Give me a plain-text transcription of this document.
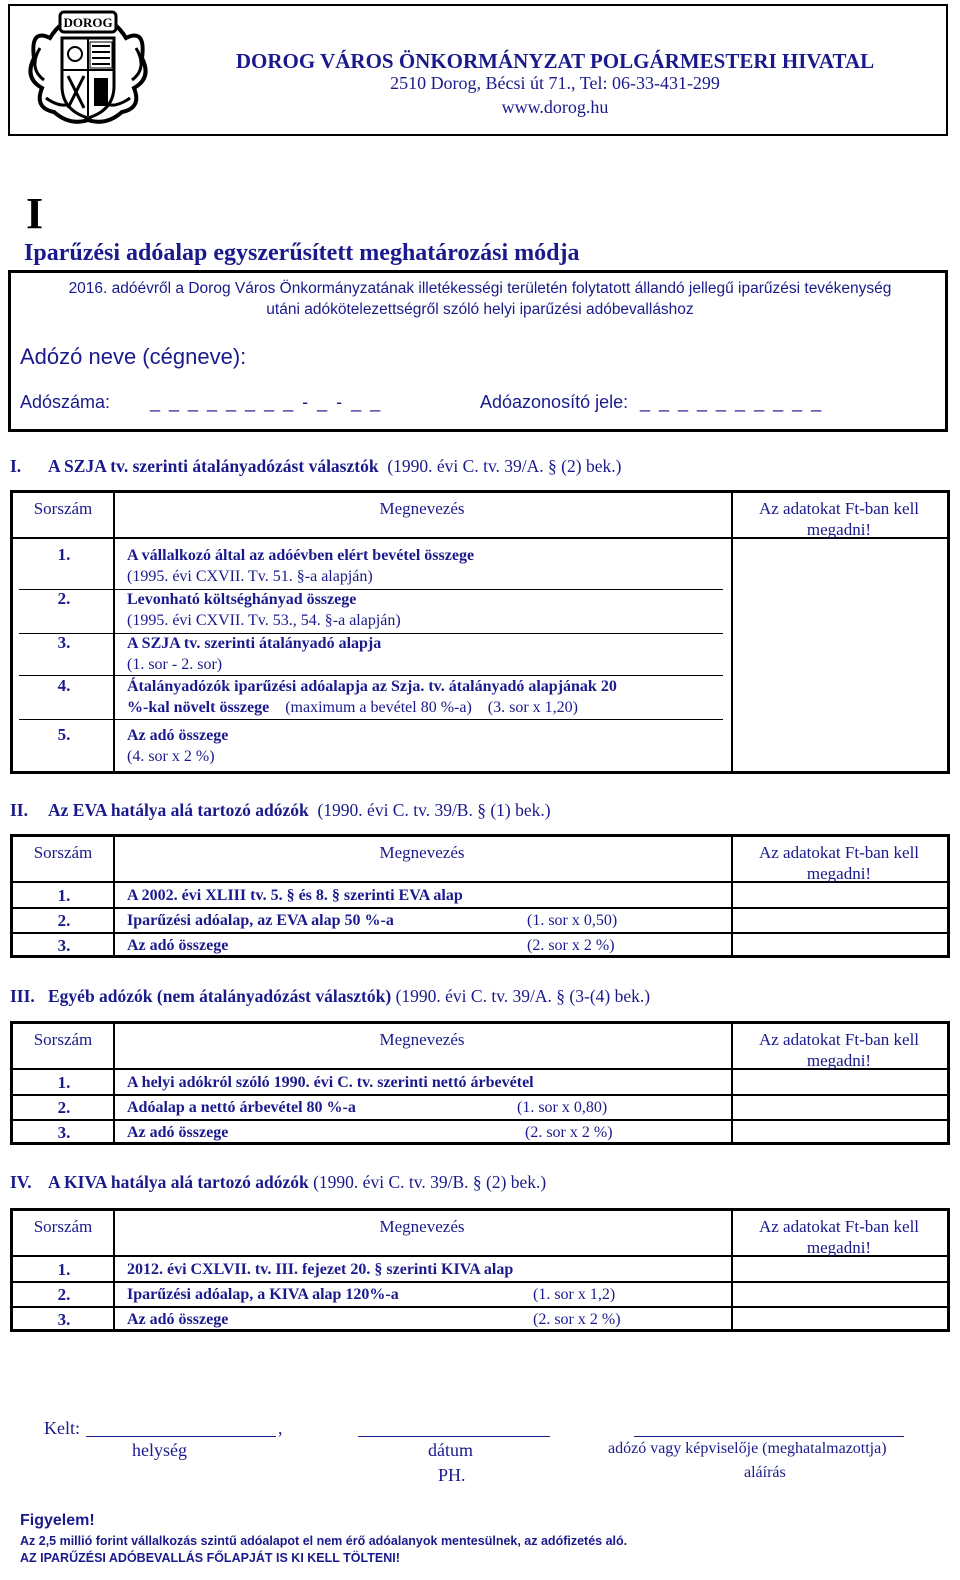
DOROG
DOROG VÁROS ÖNKORMÁNYZAT POLGÁRMESTERI HIVATAL
2510 Dorog, Bécsi út 71., Tel: 06-33-431-299
www.dorog.hu
I
Iparűzési adóalap egyszerűsített meghatározási módja
2016. adóévről a Dorog Város Önkormányzatának illetékességi területén folytatott állandó jellegű iparűzési tevékenység
utáni adókötelezettségről szóló helyi iparűzési adóbevalláshoz
Adózó neve (cégneve):
Adószáma: _ _ _ _ _ _ _ _ - _ - _ _	Adóazonosító jele: _ _ _ _ _ _ _ _ _ _
I. A SZJA tv. szerinti átalányadózást választók (1990. évi C. tv. 39/A. § (2) bek.)
Sorszám	Megnevezés	Az adatokat Ft-ban kell
megadni!
1.	A vállalkozó által az adóévben elért bevétel összege
(1995. évi CXVII. Tv. 51. §-a alapján)
2.	Levonható költséghányad összege
(1995. évi CXVII. Tv. 53., 54. §-a alapján)
3.	A SZJA tv. szerinti átalányadó alapja
(1. sor - 2. sor)
4.	Átalányadózók iparűzési adóalapja az Szja. tv. átalányadó alapjának 20
%-kal növelt összege (maximum a bevétel 80 %-a) (3. sor x 1,20)
5.	Az adó összege
(4. sor x 2 %)
II. Az EVA hatálya alá tartozó adózók (1990. évi C. tv. 39/B. § (1) bek.)
Sorszám	Megnevezés	Az adatokat Ft-ban kell
megadni!
1.	A 2002. évi XLIII tv. 5. § és 8. § szerinti EVA alap
2.	Iparűzési adóalap, az EVA alap 50 %-a	(1. sor x 0,50)
3.	Az adó összege	(2. sor x 2 %)
III. Egyéb adózók (nem átalányadózást választók) (1990. évi C. tv. 39/A. § (3-(4) bek.)
Sorszám	Megnevezés	Az adatokat Ft-ban kell
megadni!
1.	A helyi adókról szóló 1990. évi C. tv. szerinti nettó árbevétel
2.	Adóalap a nettó árbevétel 80 %-a	(1. sor x 0,80)
3.	Az adó összege	(2. sor x 2 %)
IV. A KIVA hatálya alá tartozó adózók (1990. évi C. tv. 39/B. § (2) bek.)
Sorszám	Megnevezés	Az adatokat Ft-ban kell
megadni!
1.	2012. évi CXLVII. tv. III. fejezet 20. § szerinti KIVA alap
2.	Iparűzési adóalap, a KIVA alap 120%-a	(1. sor x 1,2)
3.	Az adó összege	(2. sor x 2 %)
Kelt:	,
helység	dátum
PH.
adózó vagy képviselője (meghatalmazottja)
aláírás
Figyelem!
Az 2,5 millió forint vállalkozás szintű adóalapot el nem érő adóalanyok mentesülnek, az adófizetés aló.
AZ IPARŰZÉSI ADÓBEVALLÁS FŐLAPJÁT IS KI KELL TÖLTENI!
